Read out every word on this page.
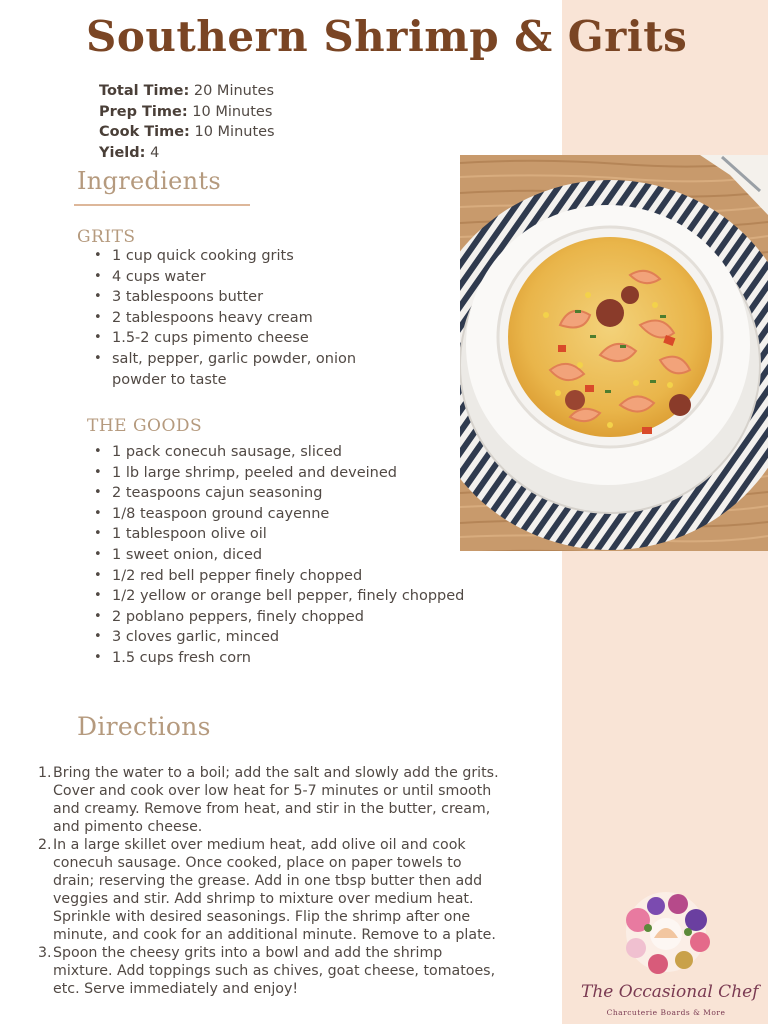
Southern Shrimp & Grits
Total Time: 20 Minutes
Prep Time: 10 Minutes
Cook Time: 10 Minutes
Yield: 4
Ingredients
GRITS
• 1 cup quick cooking grits
• 4 cups water
• 3 tablespoons butter
• 2 tablespoons heavy cream
• 1.5-2 cups pimento cheese
• salt, pepper, garlic powder, onion
powder to taste
THE GOODS
• 1 pack conecuh sausage, sliced
• 1 lb large shrimp, peeled and deveined
• 2 teaspoons cajun seasoning
• 1/8 teaspoon ground cayenne
• 1 tablespoon olive oil
• 1 sweet onion, diced
• 1/2 red bell pepper finely chopped
• 1/2 yellow or orange bell pepper, finely chopped
• 2 poblano peppers, finely chopped
• 3 cloves garlic, minced
• 1.5 cups fresh corn
Directions
1. Bring the water to a boil; add the salt and slowly add the grits.
Cover and cook over low heat for 5-7 minutes or until smooth
and creamy. Remove from heat, and stir in the butter, cream,
and pimento cheese.
2. In a large skillet over medium heat, add olive oil and cook
conecuh sausage. Once cooked, place on paper towels to
drain; reserving the grease. Add in one tbsp butter then add
veggies and stir. Add shrimp to mixture over medium heat.
Sprinkle with desired seasonings. Flip the shrimp after one
minute, and cook for an additional minute. Remove to a plate.
3. Spoon the cheesy grits into a bowl and add the shrimp
mixture. Add toppings such as chives, goat cheese, tomatoes,
etc. Serve immediately and enjoy!	The Occasional Chef
Charcuterie Boards & More
